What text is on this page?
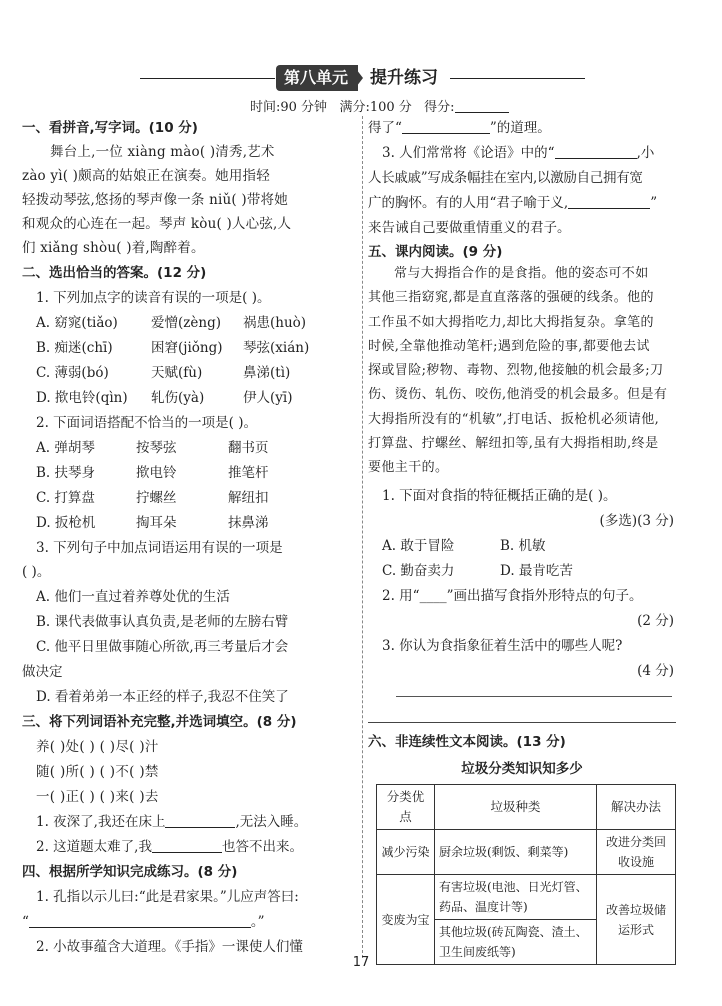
第八单元	提升练习
时间:90 分钟   满分:100 分   得分:
一、看拼音,写字词。(10 分)
舞台上,一位 xiàng mào( )清秀,艺术
zào yì( )颇高的姑娘正在演奏。她用指轻
轻拨动琴弦,悠扬的琴声像一条 niǔ( )带将她
和观众的心连在一起。琴声 kòu( )人心弦,人
们 xiǎng shòu( )着,陶醉着。
二、选出恰当的答案。(12 分)
1. 下列加点字的读音有误的一项是( )。
A. 窈窕(tiǎo) 爱憎(zèng) 祸患(huò)
B. 痴迷(chī)	困窘(jiǒng) 琴弦(xián)
C. 薄弱(bó)	天赋(fù)	鼻涕(tì)
D. 揿电铃(qìn) 轧伤(yà)	伊人(yī)
2. 下面词语搭配不恰当的一项是( )。
A. 弹胡琴	按琴弦	翻书页
B. 扶琴身	揿电铃	推笔杆
C. 打算盘	拧螺丝	解纽扣
D. 扳枪机	掏耳朵	抹鼻涕
3. 下列句子中加点词语运用有误的一项是
( )。
A. 他们一直过着养尊处优的生活
B. 课代表做事认真负责,是老师的左膀右臂
C. 他平日里做事随心所欲,再三考量后才会
做决定
D. 看着弟弟一本正经的样子,我忍不住笑了
三、将下列词语补充完整,并选词填空。(8 分)
养( )处( ) ( )尽( )汁
随( )所( ) ( )不( )禁
一( )正( ) ( )来( )去
1. 夜深了,我还在床上	,无法入睡。
2. 这道题太难了,我	也答不出来。
四、根据所学知识完成练习。(8 分)
1. 孔指以示儿曰:“此是君家果。”儿应声答曰:
“	。”
2. 小故事蕴含大道理。《手指》一课使人们懂
得了“	”的道理。
3. 人们常常将《论语》中的“	,小
人长戚戚”写成条幅挂在室内,以激励自己拥有宽
广的胸怀。有的人用“君子喻于义,	”
来告诫自己要做重情重义的君子。
五、课内阅读。(9 分)
常与大拇指合作的是食指。他的姿态可不如
其他三指窈窕,都是直直落落的强硬的线条。他的
工作虽不如大拇指吃力,却比大拇指复杂。拿笔的
时候,全靠他推动笔杆;遇到危险的事,都要他去试
探或冒险;秽物、毒物、烈物,他接触的机会最多;刀
伤、烫伤、轧伤、咬伤,他消受的机会最多。但是有
大拇指所没有的“机敏”,打电话、扳枪机必须请他,
打算盘、拧螺丝、解纽扣等,虽有大拇指相助,终是
要他主干的。
1. 下面对食指的特征概括正确的是( )。
(多选)(3 分)
A. 敢于冒险	B. 机敏
C. 勤奋卖力	D. 最肯吃苦
2. 用“____”画出描写食指外形特点的句子。
(2 分)
3. 你认为食指象征着生活中的哪些人呢?
(4 分)
六、非连续性文本阅读。(13 分)
垃圾分类知识知多少
分类优点	垃圾种类	解决办法
减少污染	厨余垃圾(剩饭、剩菜等)	改进分类回收设施
变废为宝	有害垃圾(电池、日光灯管、药品、温度计等)	改善垃圾储运形式
	其他垃圾(砖瓦陶瓷、渣土、卫生间废纸等)	
17
